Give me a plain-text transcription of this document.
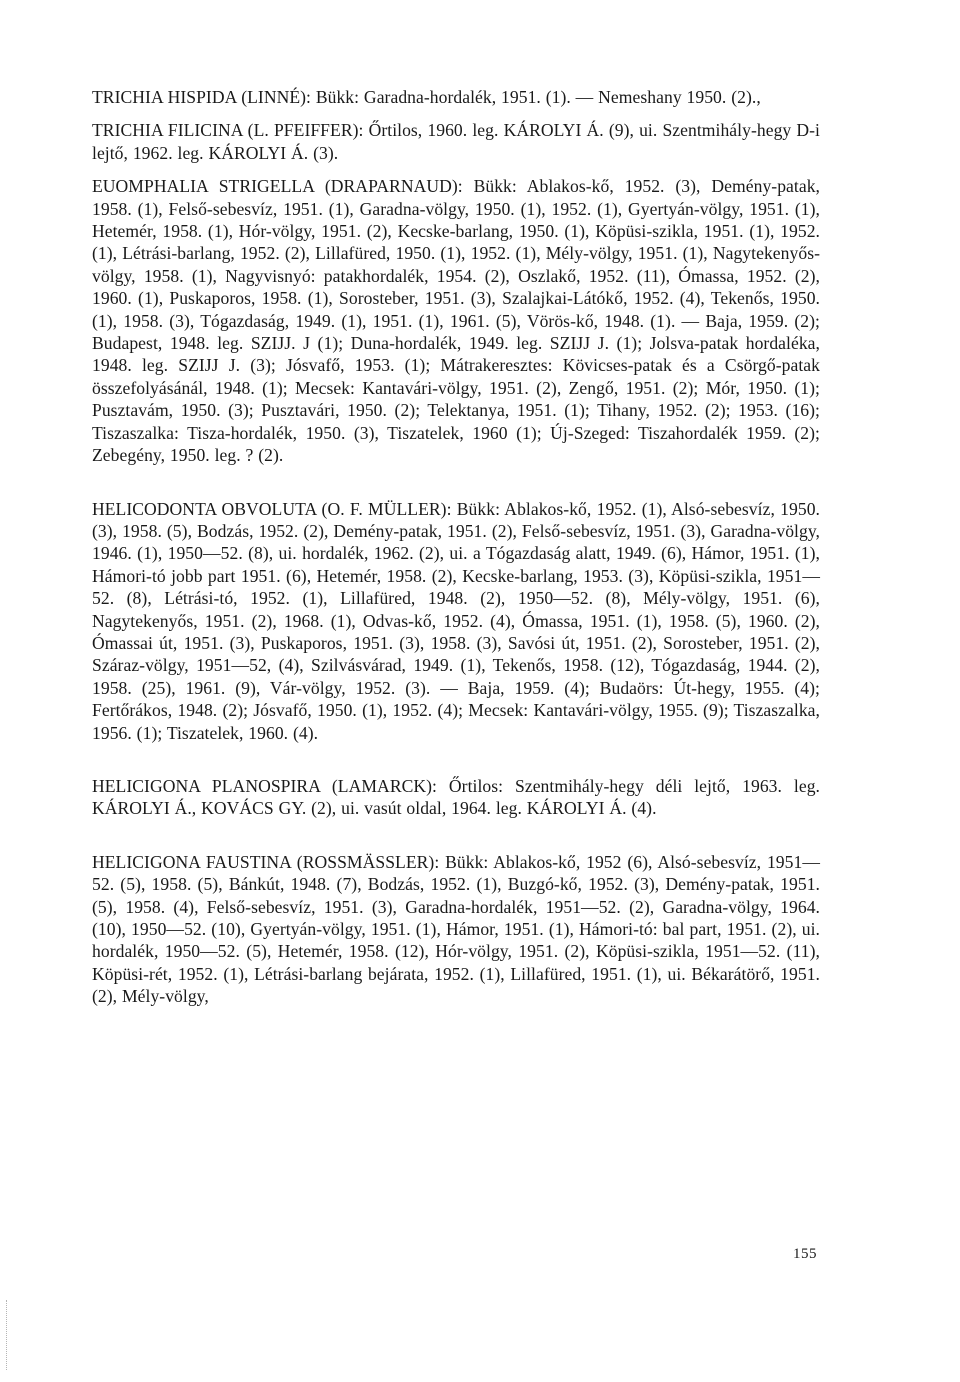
TRICHIA HISPIDA (LINNÉ): Bükk: Garadna-hordalék, 1951. (1). — Nemeshany 1950. (2).,

TRICHIA FILICINA (L. PFEIFFER): Őrtilos, 1960. leg. KÁROLYI Á. (9), ui. Szentmihály-hegy D-i lejtő, 1962. leg. KÁROLYI Á. (3).

EUOMPHALIA STRIGELLA (DRAPARNAUD): Bükk: Ablakos-kő, 1952. (3), Demény-patak, 1958. (1), Felső-sebesvíz, 1951. (1), Garadna-völgy, 1950. (1), 1952. (1), Gyertyán-völgy, 1951. (1), Hetemér, 1958. (1), Hór-völgy, 1951. (2), Kecske-barlang, 1950. (1), Köpüsi-szikla, 1951. (1), 1952. (1), Létrási-barlang, 1952. (2), Lillafüred, 1950. (1), 1952. (1), Mély-völgy, 1951. (1), Nagytekenyős-völgy, 1958. (1), Nagyvisnyó: patakhordalék, 1954. (2), Oszlakő, 1952. (11), Ómassa, 1952. (2), 1960. (1), Puskaporos, 1958. (1), Sorosteber, 1951. (3), Szalajkai-Látókő, 1952. (4), Tekenős, 1950. (1), 1958. (3), Tógazdaság, 1949. (1), 1951. (1), 1961. (5), Vörös-kő, 1948. (1). — Baja, 1959. (2); Budapest, 1948. leg. SZIJJ. J (1); Duna-hordalék, 1949. leg. SZIJJ J. (1); Jolsva-patak hordaléka, 1948. leg. SZIJJ J. (3); Jósvafő, 1953. (1); Mátrakeresztes: Kövicses-patak és a Csörgő-patak összefolyásánál, 1948. (1); Mecsek: Kantavári-völgy, 1951. (2), Zengő, 1951. (2); Mór, 1950. (1); Pusztavám, 1950. (3); Pusztavári, 1950. (2); Telektanya, 1951. (1); Tihany, 1952. (2); 1953. (16); Tiszaszalka: Tisza-hordalék, 1950. (3), Tiszatelek, 1960 (1); Új-Szeged: Tiszahordalék 1959. (2); Zebegény, 1950. leg. ? (2).

HELICODONTA OBVOLUTA (O. F. MÜLLER): Bükk: Ablakos-kő, 1952. (1), Alsó-sebesvíz, 1950. (3), 1958. (5), Bodzás, 1952. (2), Demény-patak, 1951. (2), Felső-sebesvíz, 1951. (3), Garadna-völgy, 1946. (1), 1950—52. (8), ui. hordalék, 1962. (2), ui. a Tógazdaság alatt, 1949. (6), Hámor, 1951. (1), Hámori-tó jobb part 1951. (6), Hetemér, 1958. (2), Kecske-barlang, 1953. (3), Köpüsi-szikla, 1951—52. (8), Létrási-tó, 1952. (1), Lillafüred, 1948. (2), 1950—52. (8), Mély-völgy, 1951. (6), Nagytekenyős, 1951. (2), 1968. (1), Odvas-kő, 1952. (4), Ómassa, 1951. (1), 1958. (5), 1960. (2), Ómassai út, 1951. (3), Puskaporos, 1951. (3), 1958. (3), Savósi út, 1951. (2), Sorosteber, 1951. (2), Száraz-völgy, 1951—52, (4), Szilvásvárad, 1949. (1), Tekenős, 1958. (12), Tógazdaság, 1944. (2), 1958. (25), 1961. (9), Vár-völgy, 1952. (3). — Baja, 1959. (4); Budaörs: Út-hegy, 1955. (4); Fertőrákos, 1948. (2); Jósvafő, 1950. (1), 1952. (4); Mecsek: Kantavári-völgy, 1955. (9); Tiszaszalka, 1956. (1); Tiszatelek, 1960. (4).

HELICIGONA PLANOSPIRA (LAMARCK): Őrtilos: Szentmihály-hegy déli lejtő, 1963. leg. KÁROLYI Á., KOVÁCS GY. (2), ui. vasút oldal, 1964. leg. KÁROLYI Á. (4).

HELICIGONA FAUSTINA (ROSSMÄSSLER): Bükk: Ablakos-kő, 1952 (6), Alsó-sebesvíz, 1951—52. (5), 1958. (5), Bánkút, 1948. (7), Bodzás, 1952. (1), Buzgó-kő, 1952. (3), Demény-patak, 1951. (5), 1958. (4), Felső-sebesvíz, 1951. (3), Garadna-hordalék, 1951—52. (2), Garadna-völgy, 1964. (10), 1950—52. (10), Gyertyán-völgy, 1951. (1), Hámor, 1951. (1), Hámori-tó: bal part, 1951. (2), ui. hordalék, 1950—52. (5), Hetemér, 1958. (12), Hór-völgy, 1951. (2), Köpüsi-szikla, 1951—52. (11), Köpüsi-rét, 1952. (1), Létrási-barlang bejárata, 1952. (1), Lillafüred, 1951. (1), ui. Békarátörő, 1951. (2), Mély-völgy,

155
